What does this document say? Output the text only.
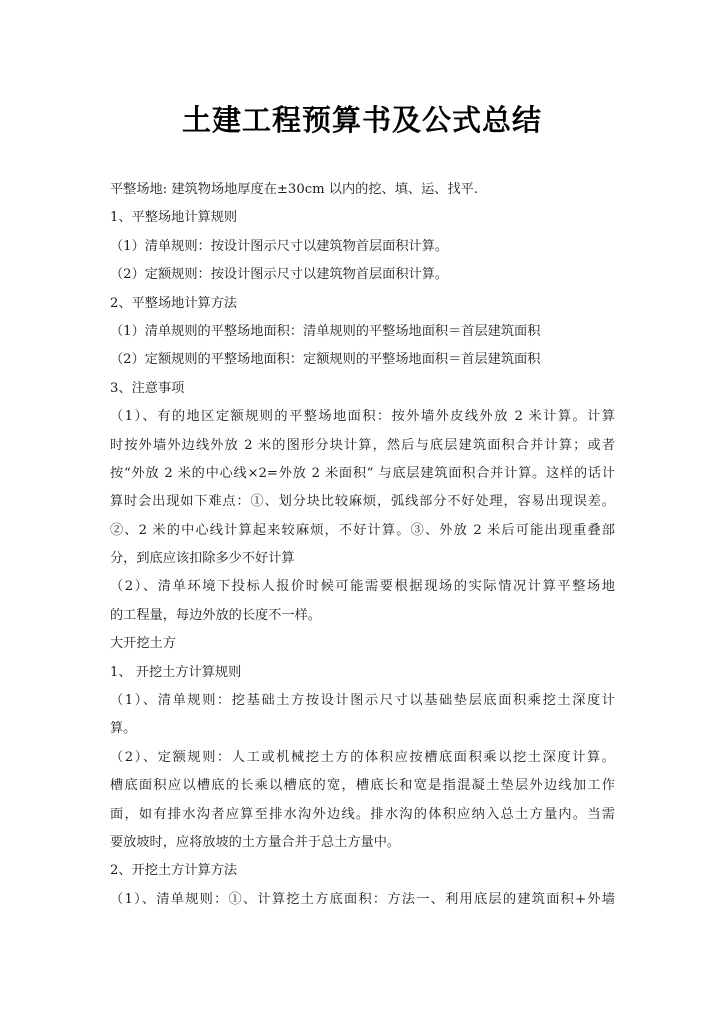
土建工程预算书及公式总结
平整场地: 建筑物场地厚度在±30cm 以内的挖、填、运、找平.
1、平整场地计算规则
（1）清单规则：按设计图示尺寸以建筑物首层面积计算。
（2）定额规则：按设计图示尺寸以建筑物首层面积计算。
2、平整场地计算方法
（1）清单规则的平整场地面积：清单规则的平整场地面积＝首层建筑面积
（2）定额规则的平整场地面积：定额规则的平整场地面积＝首层建筑面积
3、注意事项
（1）、有的地区定额规则的平整场地面积：按外墙外皮线外放 2 米计算。计算
时按外墙外边线外放 2 米的图形分块计算，然后与底层建筑面积合并计算；或者
按“外放 2 米的中心线×2=外放 2 米面积” 与底层建筑面积合并计算。这样的话计
算时会出现如下难点：①、划分块比较麻烦，弧线部分不好处理，容易出现误差。
②、2 米的中心线计算起来较麻烦，不好计算。③、外放 2 米后可能出现重叠部
分，到底应该扣除多少不好计算
（2）、清单环境下投标人报价时候可能需要根据现场的实际情况计算平整场地
的工程量，每边外放的长度不一样。
大开挖土方
1、 开挖土方计算规则
（1）、清单规则：挖基础土方按设计图示尺寸以基础垫层底面积乘挖土深度计
算。
（2）、定额规则：人工或机械挖土方的体积应按槽底面积乘以挖土深度计算。
槽底面积应以槽底的长乘以槽底的宽，槽底长和宽是指混凝土垫层外边线加工作
面，如有排水沟者应算至排水沟外边线。排水沟的体积应纳入总土方量内。当需
要放坡时，应将放坡的土方量合并于总土方量中。
2、开挖土方计算方法
（1）、清单规则：①、计算挖土方底面积：方法一、利用底层的建筑面积+外墙
